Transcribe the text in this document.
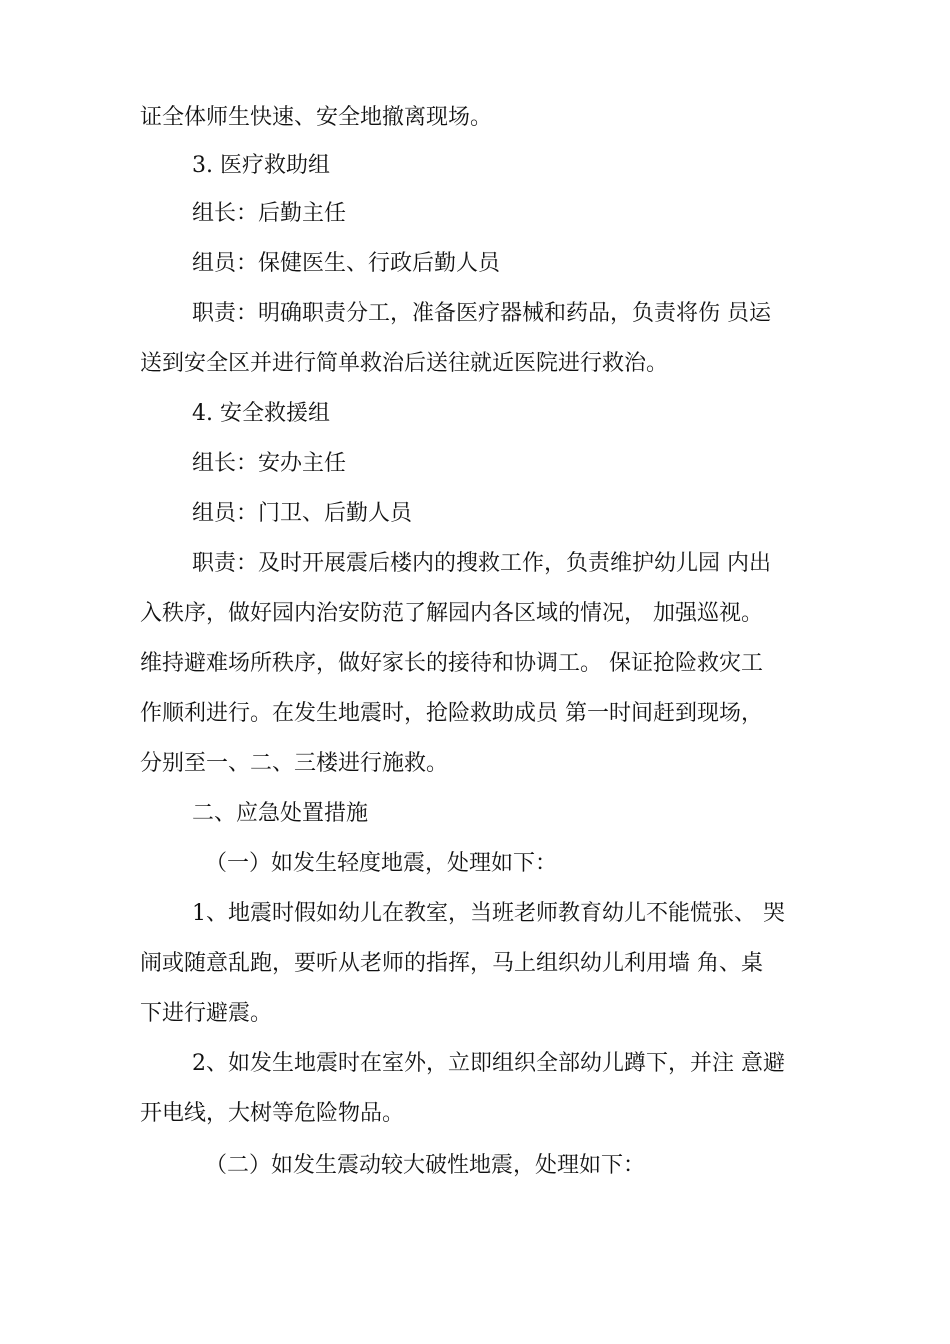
证全体师生快速、安全地撤离现场。
3. 医疗救助组
组长：后勤主任
组员：保健医生、行政后勤人员
职责：明确职责分工，准备医疗器械和药品，负责将伤 员运
送到安全区并进行简单救治后送往就近医院进行救治。
4. 安全救援组
组长：安办主任
组员：门卫、后勤人员
职责：及时开展震后楼内的搜救工作，负责维护幼儿园 内出
入秩序，做好园内治安防范了解园内各区域的情况， 加强巡视。
维持避难场所秩序，做好家长的接待和协调工。 保证抢险救灾工
作顺利进行。在发生地震时，抢险救助成员 第一时间赶到现场，
分别至一、二、三楼进行施救。
二、应急处置措施
（一）如发生轻度地震，处理如下：
1、地震时假如幼儿在教室，当班老师教育幼儿不能慌张、 哭
闹或随意乱跑，要听从老师的指挥，马上组织幼儿利用墙 角、桌
下进行避震。
2、如发生地震时在室外，立即组织全部幼儿蹲下，并注 意避
开电线，大树等危险物品。
（二）如发生震动较大破性地震，处理如下：
